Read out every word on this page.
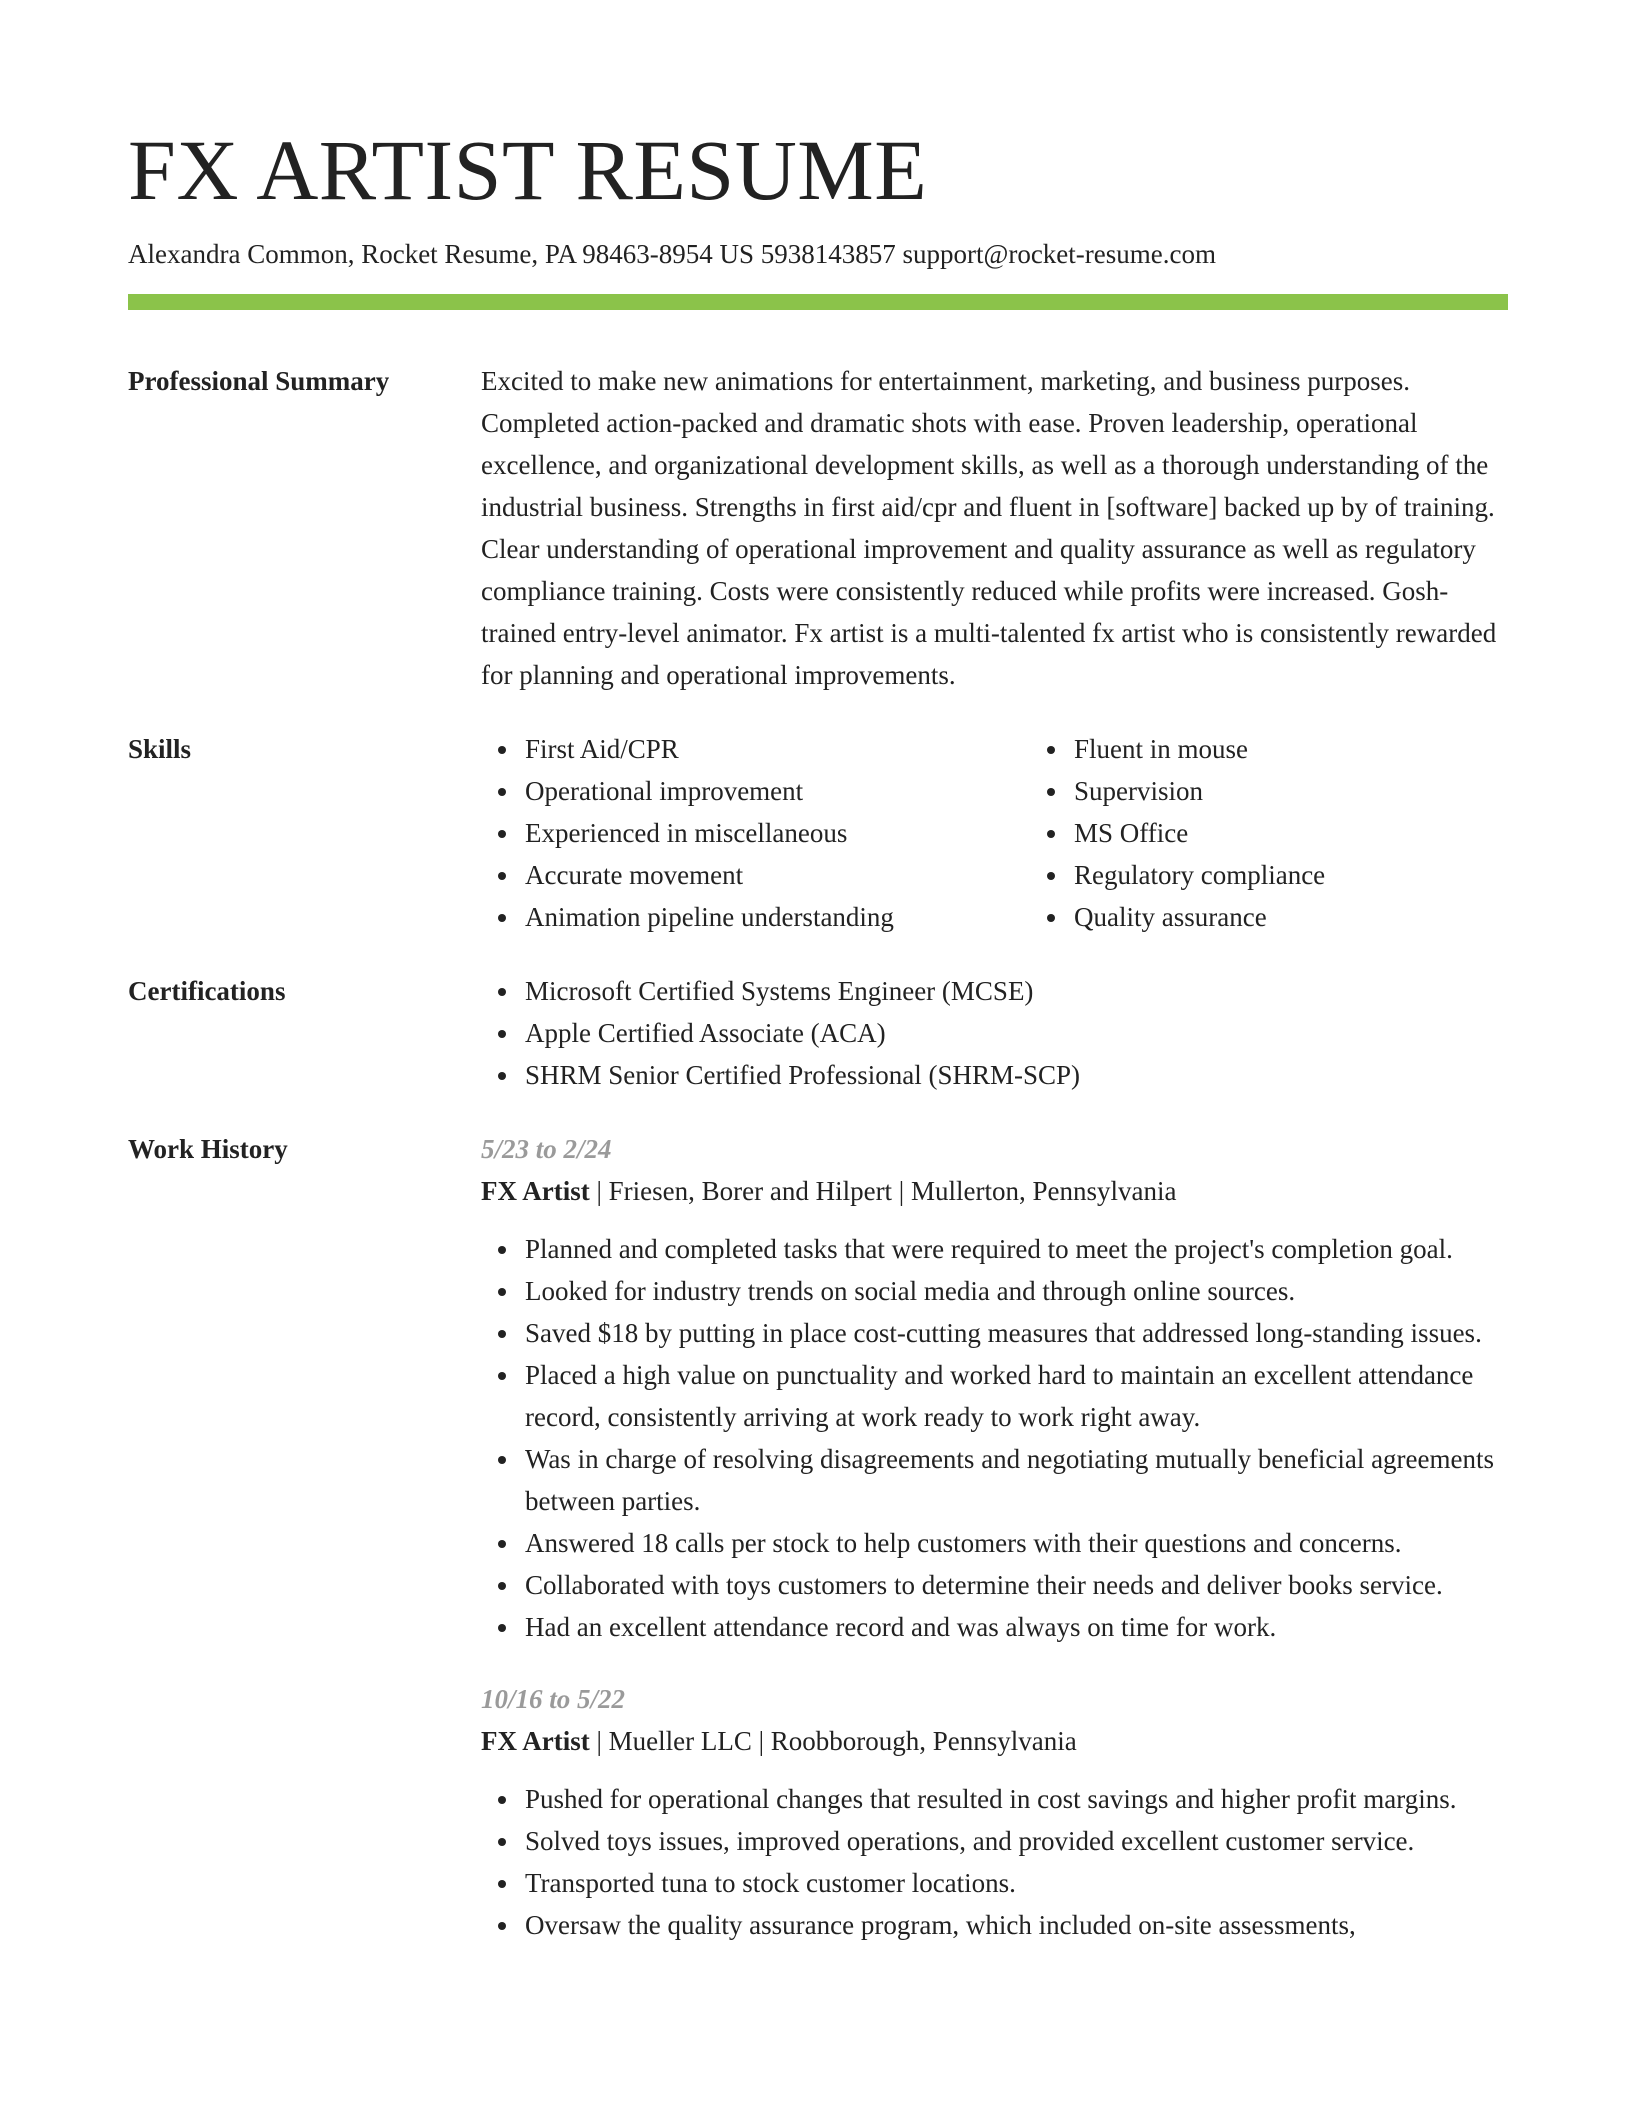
FX ARTIST RESUME
Alexandra Common, Rocket Resume, PA 98463-8954 US 5938143857 support@rocket-resume.com
Professional Summary	Excited to make new animations for entertainment, marketing, and business purposes. Completed action-packed and dramatic shots with ease. Proven leadership, operational excellence, and organizational development skills, as well as a thorough understanding of the industrial business. Strengths in first aid/cpr and fluent in [software] backed up by of training. Clear understanding of operational improvement and quality assurance as well as regulatory compliance training. Costs were consistently reduced while profits were increased. Gosh-trained entry-level animator. Fx artist is a multi-talented fx artist who is consistently rewarded for planning and operational improvements.
Skills	First Aid/CPR
Operational improvement
Experienced in miscellaneous
Accurate movement
Animation pipeline understanding
Fluent in mouse
Supervision
MS Office
Regulatory compliance
Quality assurance
Certifications	Microsoft Certified Systems Engineer (MCSE)
Apple Certified Associate (ACA)
SHRM Senior Certified Professional (SHRM-SCP)
Work History	5/23 to 2/24
FX Artist | Friesen, Borer and Hilpert | Mullerton, Pennsylvania
Planned and completed tasks that were required to meet the project's completion goal.
Looked for industry trends on social media and through online sources.
Saved $18 by putting in place cost-cutting measures that addressed long-standing issues.
Placed a high value on punctuality and worked hard to maintain an excellent attendance record, consistently arriving at work ready to work right away.
Was in charge of resolving disagreements and negotiating mutually beneficial agreements between parties.
Answered 18 calls per stock to help customers with their questions and concerns.
Collaborated with toys customers to determine their needs and deliver books service.
Had an excellent attendance record and was always on time for work.
10/16 to 5/22
FX Artist | Mueller LLC | Roobborough, Pennsylvania
Pushed for operational changes that resulted in cost savings and higher profit margins.
Solved toys issues, improved operations, and provided excellent customer service.
Transported tuna to stock customer locations.
Oversaw the quality assurance program, which included on-site assessments,
